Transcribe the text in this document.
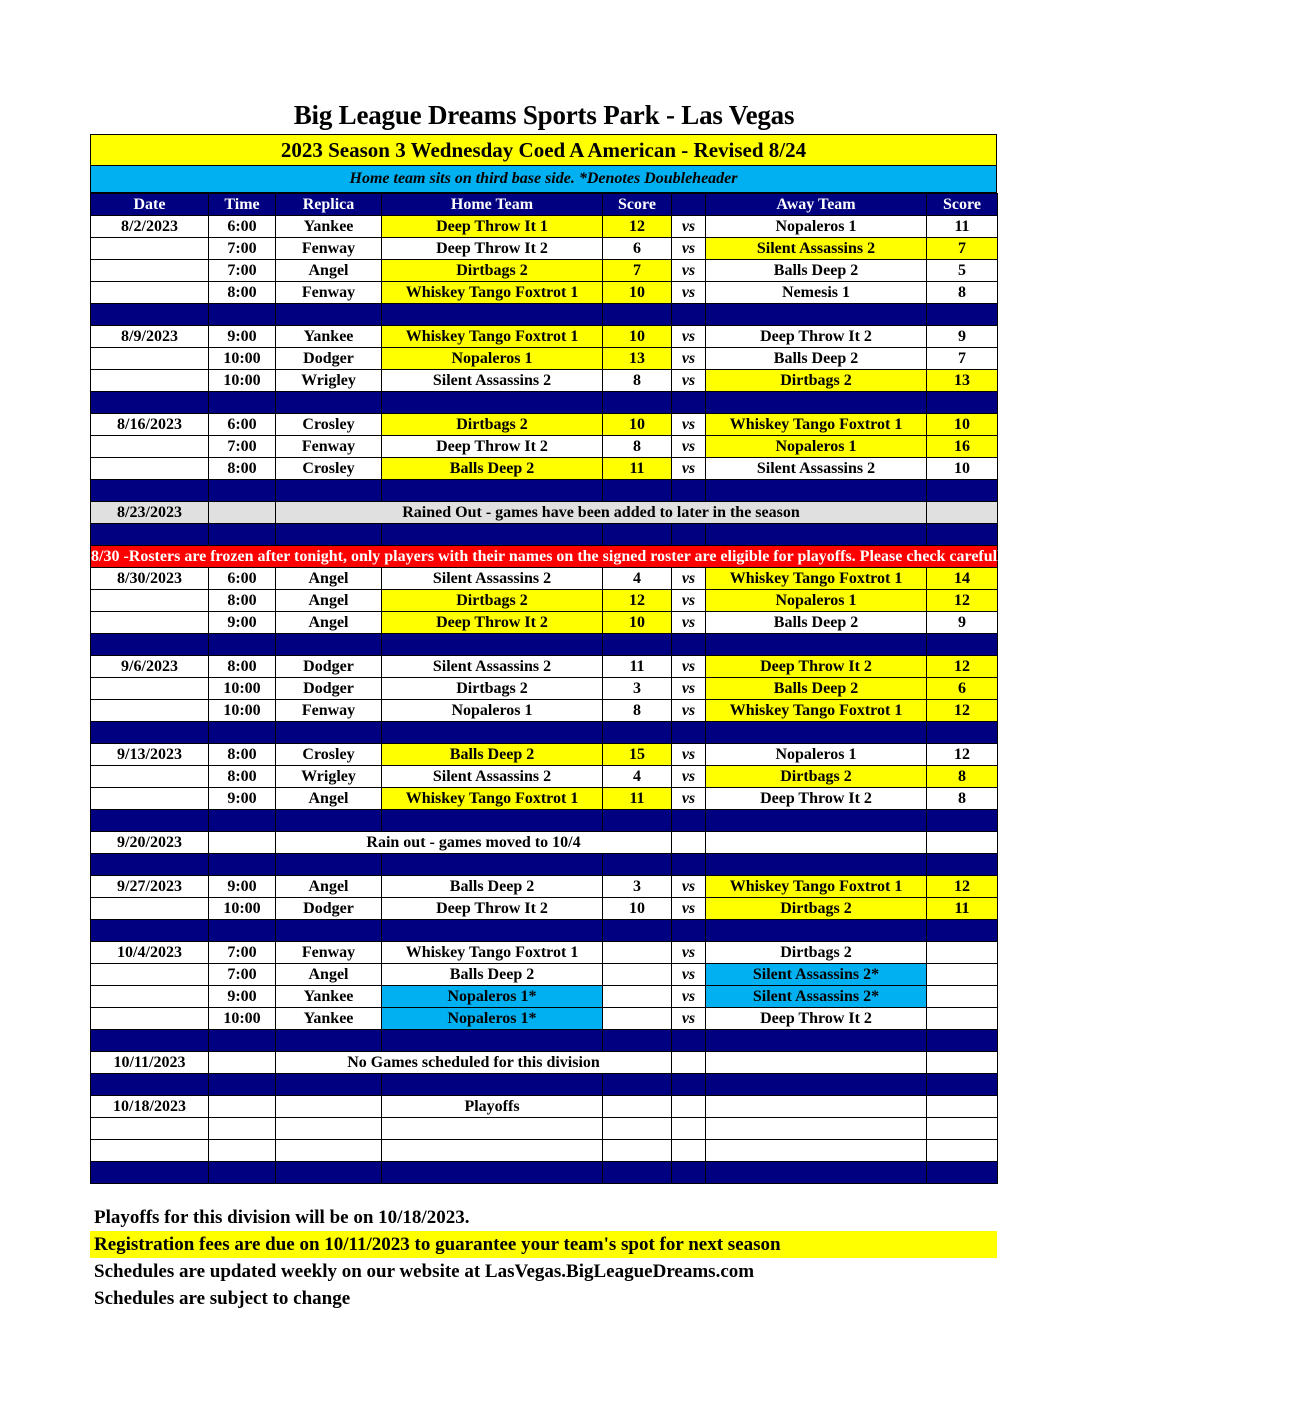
Big League Dreams Sports Park - Las Vegas
2023 Season 3 Wednesday Coed A American - Revised 8/24
Home team sits on third base side. *Denotes Doubleheader
Date	Time	Replica	Home Team	Score		Away Team	Score
8/2/2023	6:00	Yankee	Deep Throw It 1	12	vs	Nopaleros 1	11
	7:00	Fenway	Deep Throw It 2	6	vs	Silent Assassins 2	7
	7:00	Angel	Dirtbags 2	7	vs	Balls Deep 2	5
	8:00	Fenway	Whiskey Tango Foxtrot 1	10	vs	Nemesis 1	8

8/9/2023	9:00	Yankee	Whiskey Tango Foxtrot 1	10	vs	Deep Throw It 2	9
	10:00	Dodger	Nopaleros 1	13	vs	Balls Deep 2	7
	10:00	Wrigley	Silent Assassins 2	8	vs	Dirtbags 2	13

8/16/2023	6:00	Crosley	Dirtbags 2	10	vs	Whiskey Tango Foxtrot 1	10
	7:00	Fenway	Deep Throw It 2	8	vs	Nopaleros 1	16
	8:00	Crosley	Balls Deep 2	11	vs	Silent Assassins 2	10

8/23/2023		Rained Out - games have been added to later in the season					

8/30 -Rosters are frozen after tonight, only players with their names on the signed roster are eligible for playoffs. Please check carefully as changes will not be made for omissions.							
8/30/2023	6:00	Angel	Silent Assassins 2	4	vs	Whiskey Tango Foxtrot 1	14
	8:00	Angel	Dirtbags 2	12	vs	Nopaleros 1	12
	9:00	Angel	Deep Throw It 2	10	vs	Balls Deep 2	9

9/6/2023	8:00	Dodger	Silent Assassins 2	11	vs	Deep Throw It 2	12
	10:00	Dodger	Dirtbags 2	3	vs	Balls Deep 2	6
	10:00	Fenway	Nopaleros 1	8	vs	Whiskey Tango Foxtrot 1	12

9/13/2023	8:00	Crosley	Balls Deep 2	15	vs	Nopaleros 1	12
	8:00	Wrigley	Silent Assassins 2	4	vs	Dirtbags 2	8
	9:00	Angel	Whiskey Tango Foxtrot 1	11	vs	Deep Throw It 2	8

9/20/2023		Rain out - games moved to 10/4					

9/27/2023	9:00	Angel	Balls Deep 2	3	vs	Whiskey Tango Foxtrot 1	12
	10:00	Dodger	Deep Throw It 2	10	vs	Dirtbags 2	11

10/4/2023	7:00	Fenway	Whiskey Tango Foxtrot 1		vs	Dirtbags 2	
	7:00	Angel	Balls Deep 2		vs	Silent Assassins 2*	
	9:00	Yankee	Nopaleros 1*		vs	Silent Assassins 2*	
	10:00	Yankee	Nopaleros 1*		vs	Deep Throw It 2	

10/11/2023		No Games scheduled for this division					

10/18/2023			Playoffs				

Playoffs for this division will be on 10/18/2023.
Registration fees are due on 10/11/2023 to guarantee your team's spot for next season
Schedules are updated weekly on our website at LasVegas.BigLeagueDreams.com
Schedules are subject to change
